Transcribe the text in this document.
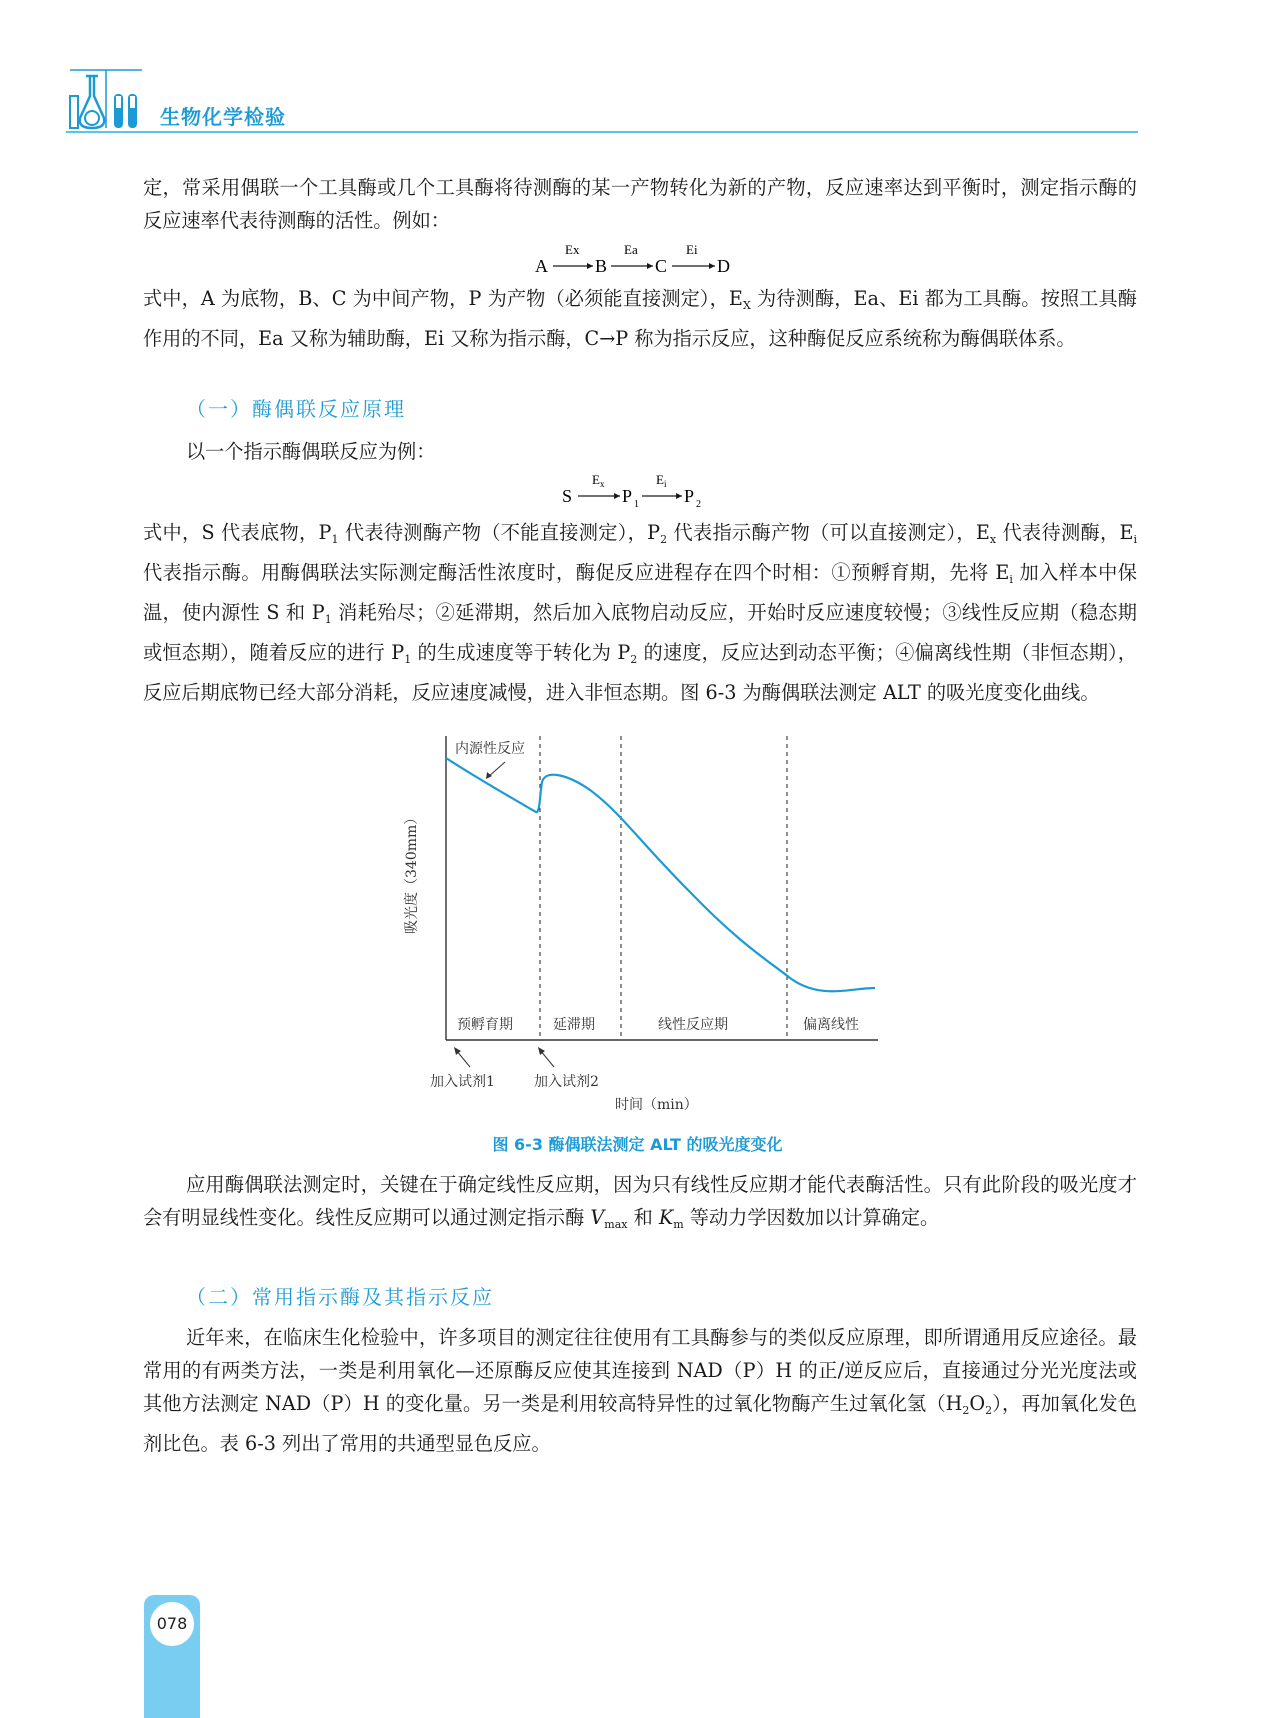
生物化学检验
定，常采用偶联一个工具酶或几个工具酶将待测酶的某一产物转化为新的产物，反应速率达到平衡时，测定指示酶的反应速率代表待测酶的活性。例如：
A
Ex
B
Ea
C
Ei
D
式中，A 为底物，B、C 为中间产物，P 为产物（必须能直接测定），$E_X$ 为待测酶，Ea、Ei 都为工具酶。按照工具酶作用的不同，Ea 又称为辅助酶，Ei 又称为指示酶，C→P 称为指示反应，这种酶促反应系统称为酶偶联体系。
（一）酶偶联反应原理
以一个指示酶偶联反应为例：
S
E x
P 1
E i
P 2
式中，S 代表底物，$P_1$ 代表待测酶产物（不能直接测定），$P_2$ 代表指示酶产物（可以直接测定），$E_x$ 代表待测酶，$E_i$ 代表指示酶。用酶偶联法实际测定酶活性浓度时，酶促反应进程存在四个时相：①预孵育期，先将 $E_i$ 加入样本中保温，使内源性 S 和 $P_1$ 消耗殆尽；②延滞期，然后加入底物启动反应，开始时反应速度较慢；③线性反应期（稳态期或恒态期），随着反应的进行 $P_1$ 的生成速度等于转化为 $P_2$ 的速度，反应达到动态平衡；④偏离线性期（非恒态期），反应后期底物已经大部分消耗，反应速度减慢，进入非恒态期。图 6-3 为酶偶联法测定 ALT 的吸光度变化曲线。
内源性反应
预孵育期	延滞期	线性反应期	偏离线性
加入试剂1	加入试剂2
时间（min）
吸光度（340mm）
图 6-3 酶偶联法测定 ALT 的吸光度变化
应用酶偶联法测定时，关键在于确定线性反应期，因为只有线性反应期才能代表酶活性。只有此阶段的吸光度才会有明显线性变化。线性反应期可以通过测定指示酶 $V_{max}$ 和 $K_m$ 等动力学因数加以计算确定。
（二）常用指示酶及其指示反应
近年来，在临床生化检验中，许多项目的测定往往使用有工具酶参与的类似反应原理，即所谓通用反应途径。最常用的有两类方法，一类是利用氧化—还原酶反应使其连接到 NAD（P）H 的正/逆反应后，直接通过分光光度法或其他方法测定 NAD（P）H 的变化量。另一类是利用较高特异性的过氧化物酶产生过氧化氢$(H_2O_2)$，再加氧化发色剂比色。表 6-3 列出了常用的共通型显色反应。
078
